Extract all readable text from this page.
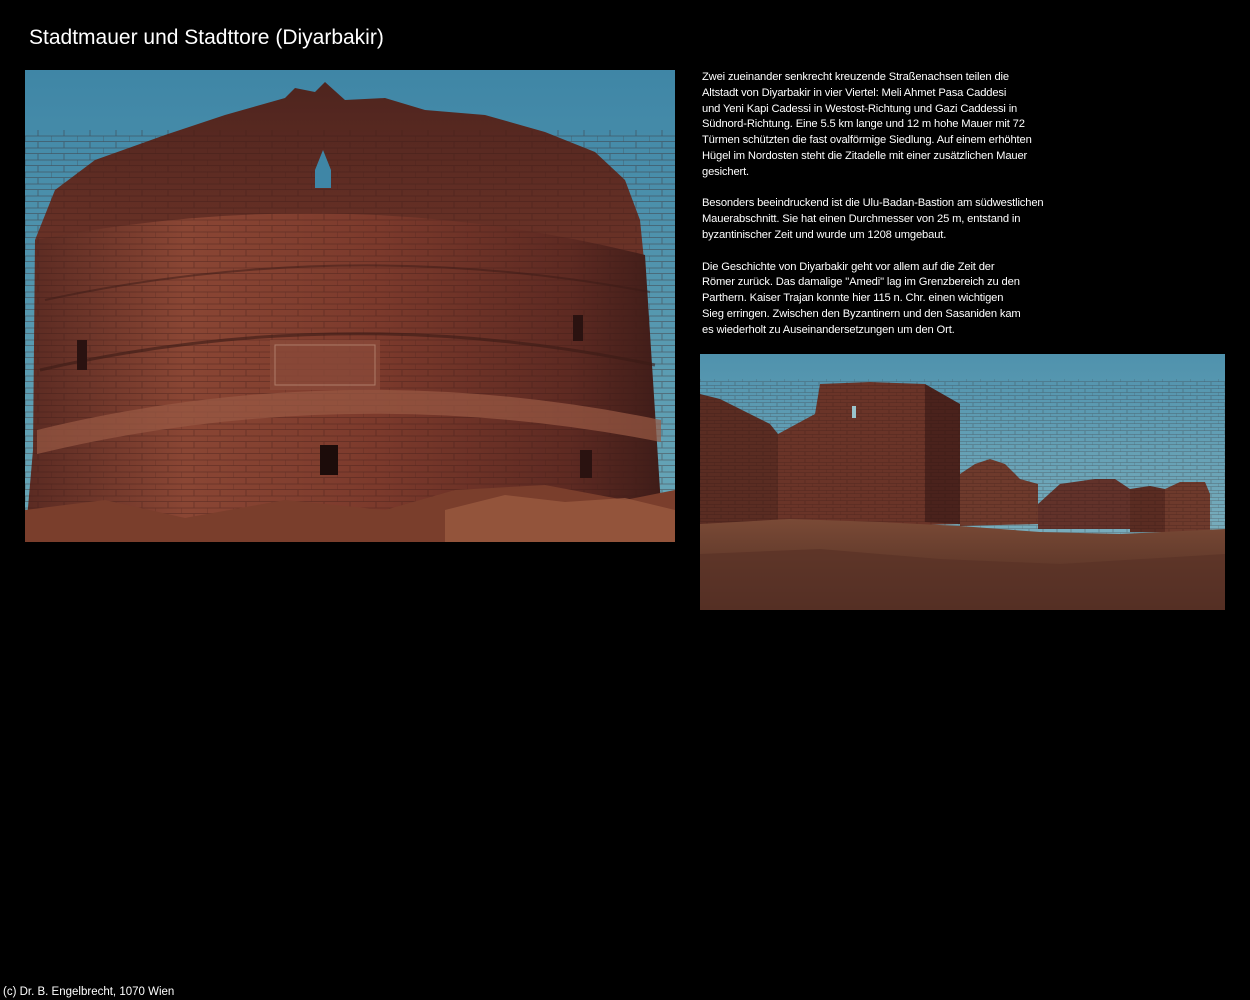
Stadtmauer und Stadttore (Diyarbakir)

Zwei zueinander senkrecht kreuzende Straßenachsen teilen die
Altstadt von Diyarbakir in vier Viertel: Meli Ahmet Pasa Caddesi
und Yeni Kapi Cadessi in Westost-Richtung und Gazi Caddessi in
Südnord-Richtung. Eine 5.5 km lange und 12 m hohe Mauer mit 72
Türmen schützten die fast ovalförmige Siedlung. Auf einem erhöhten
Hügel im Nordosten steht die Zitadelle mit einer zusätzlichen Mauer
gesichert.

Besonders beeindruckend ist die Ulu-Badan-Bastion am südwestlichen
Mauerabschnitt. Sie hat einen Durchmesser von 25 m, entstand in
byzantinischer Zeit und wurde um 1208 umgebaut.

Die Geschichte von Diyarbakir geht vor allem auf die Zeit der
Römer zurück. Das damalige "Amedi" lag im Grenzbereich zu den
Parthern. Kaiser Trajan konnte hier 115 n. Chr. einen wichtigen
Sieg erringen. Zwischen den Byzantinern und den Sasaniden kam
es wiederholt zu Auseinandersetzungen um den Ort.

(c) Dr. B. Engelbrecht, 1070 Wien
